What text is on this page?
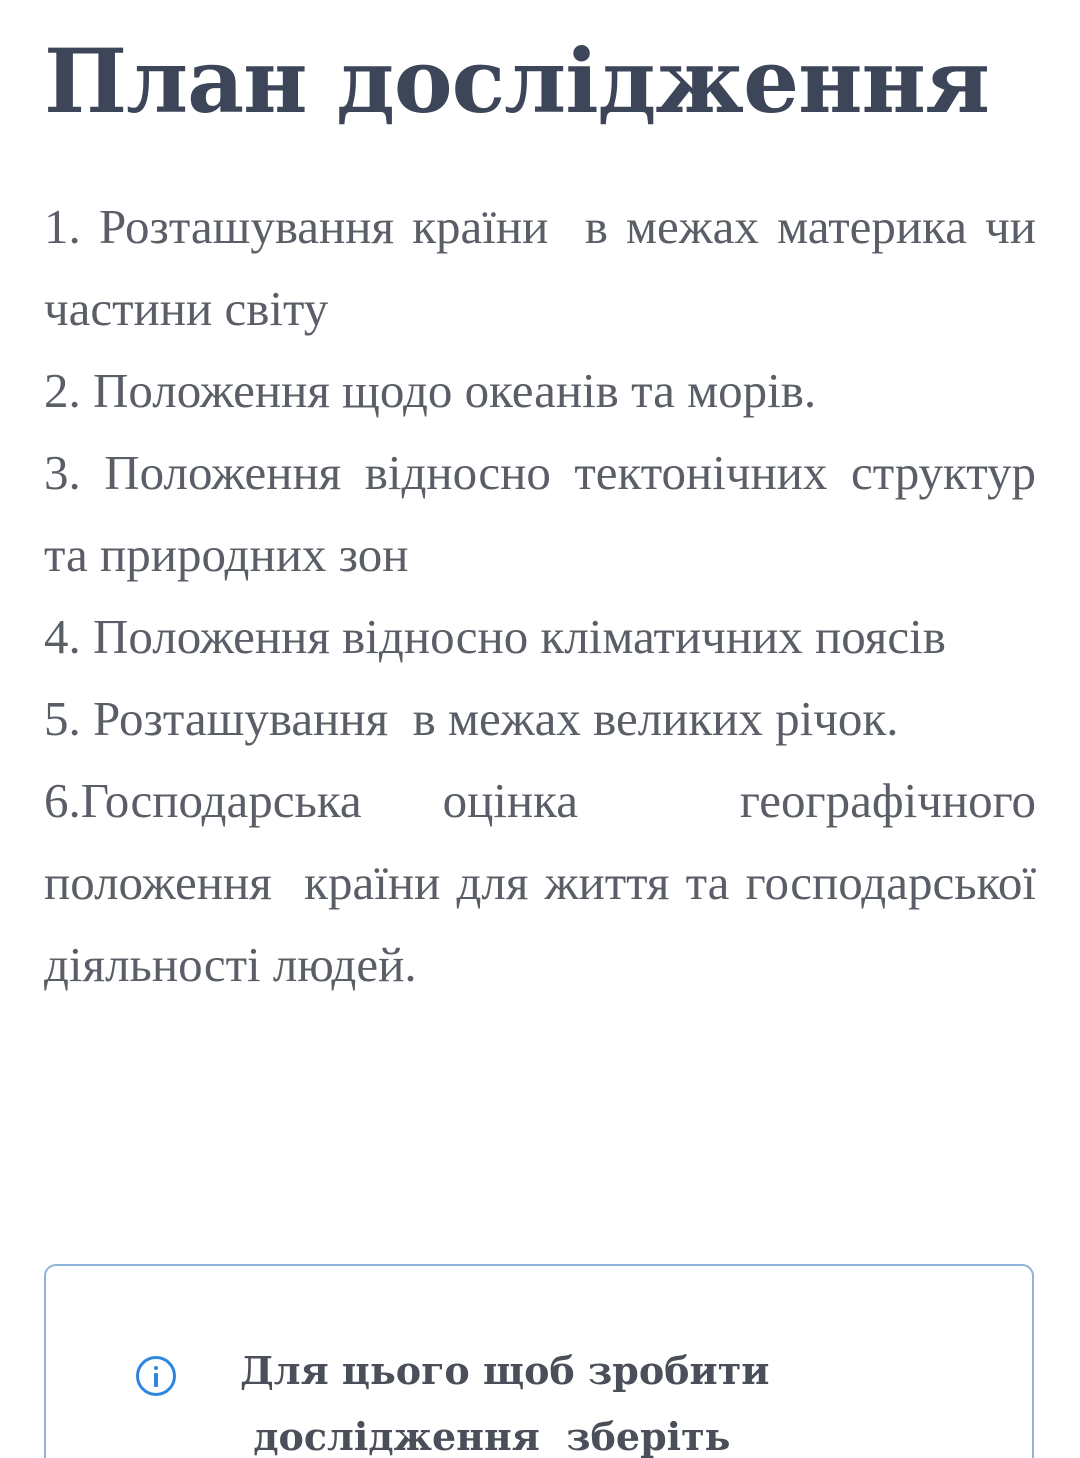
План дослідження
1. Розташування країни  в межах материка чи частини світу
2. Положення щодо океанів та морів.
3. Положення відносно тектонічних структур та природних зон
4. Положення відносно кліматичних поясів
5. Розташування  в межах великих річок.
6.Господарська оцінка  географічного положення  країни для життя та господарської діяльності людей.

Для цього щоб зробити
дослідження  зберіть
